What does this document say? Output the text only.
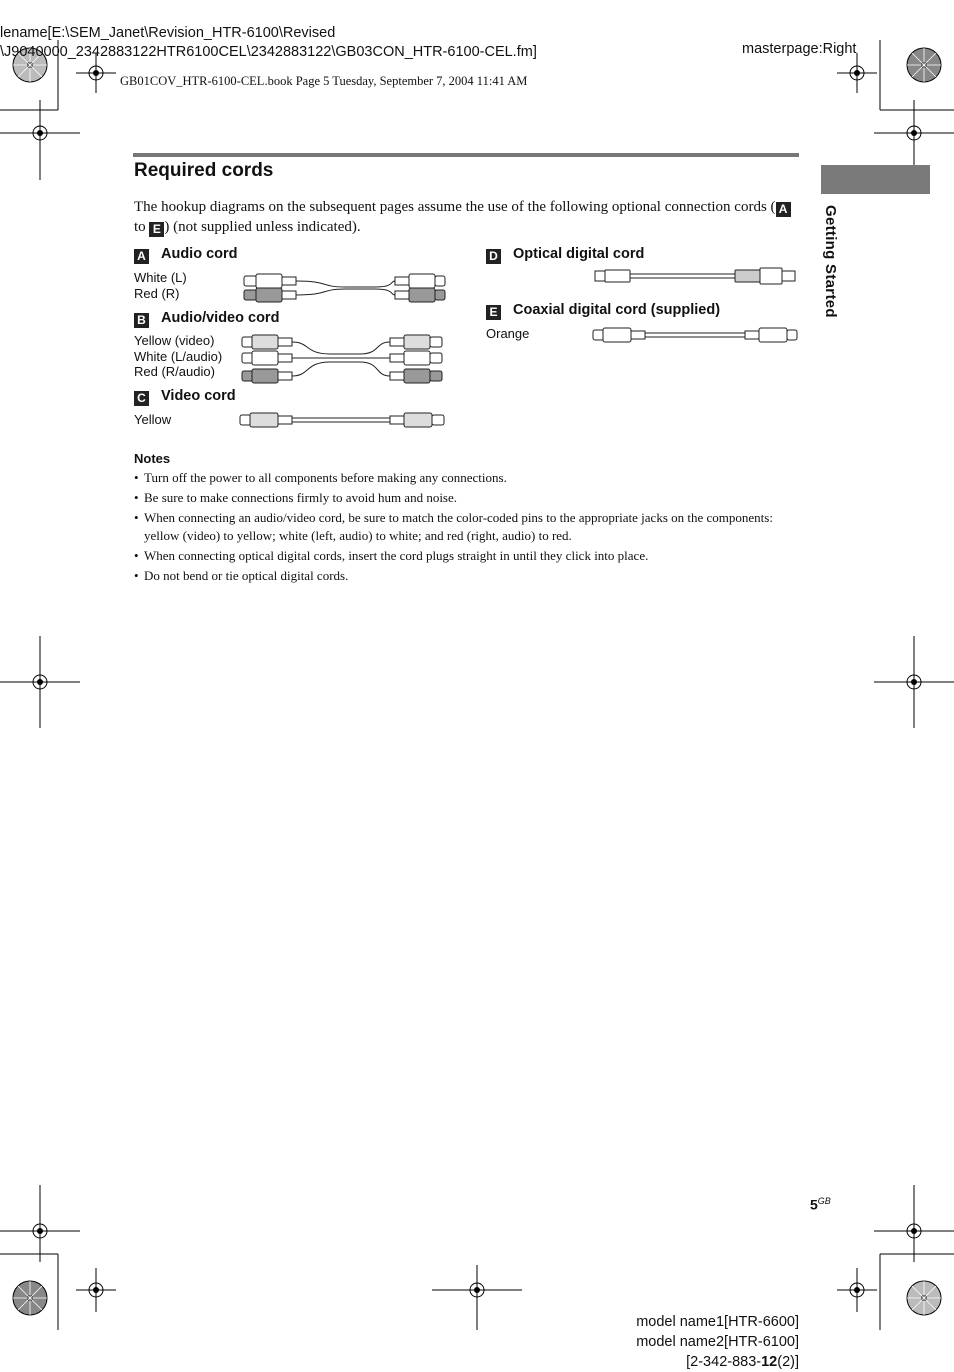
lename[E:\SEM_Janet\Revision_HTR-6100\Revised
\J9040000_2342883122HTR6100CEL\2342883122\GB03CON_HTR-6100-CEL.fm]	masterpage:Right
GB01COV_HTR-6100-CEL.book Page 5 Tuesday, September 7, 2004 11:41 AM
Required cords
Getting Started
The hookup diagrams on the subsequent pages assume the use of the following optional connection cords ( A to E ) (not supplied unless indicated).
A Audio cord
White (L)
Red (R)
B Audio/video cord
Yellow (video)
White (L/audio)
Red (R/audio)
C Video cord
Yellow
D Optical digital cord
E Coaxial digital cord (supplied)
Orange
Notes
• Turn off the power to all components before making any connections.
• Be sure to make connections firmly to avoid hum and noise.
• When connecting an audio/video cord, be sure to match the color-coded pins to the appropriate jacks on the components: yellow (video) to yellow; white (left, audio) to white; and red (right, audio) to red.
• When connecting optical digital cords, insert the cord plugs straight in until they click into place.
• Do not bend or tie optical digital cords.
$5^{GB}$
model name1[HTR-6600]
model name2[HTR-6100]
[2-342-883-12(2)]
